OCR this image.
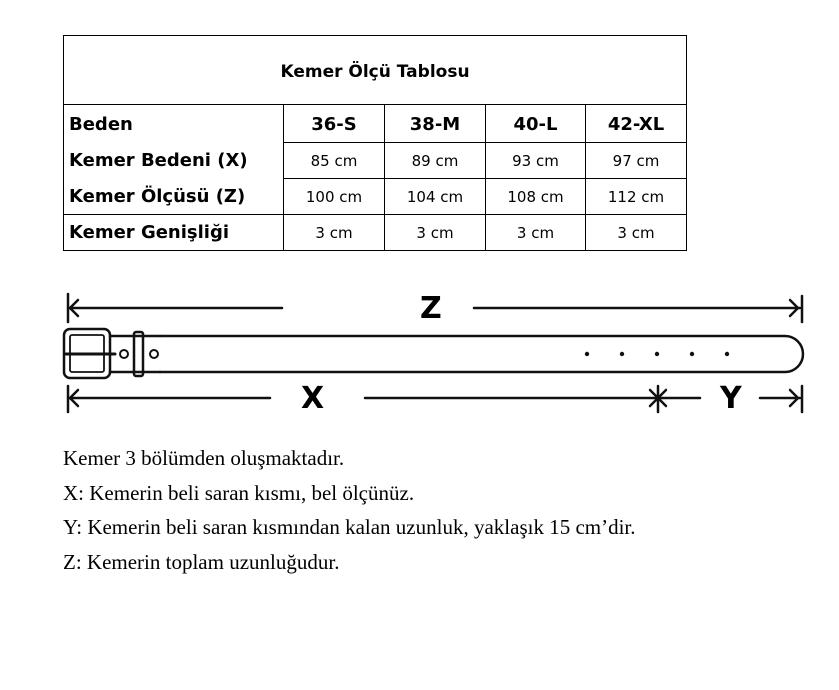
Kemer Ölçü Tablosu				
Beden	36-S	38-M	40-L	42-XL
Kemer Bedeni (X)	85 cm	89 cm	93 cm	97 cm
Kemer Ölçüsü (Z)	100 cm	104 cm	108 cm	112 cm
Kemer Genişliği	3 cm	3 cm	3 cm	3 cm
Z
X	Y

Kemer 3 bölümden oluşmaktadır.

X: Kemerin beli saran kısmı, bel ölçünüz.

Y: Kemerin beli saran kısmından kalan uzunluk, yaklaşık 15 cm’dir.

Z: Kemerin toplam uzunluğudur.
